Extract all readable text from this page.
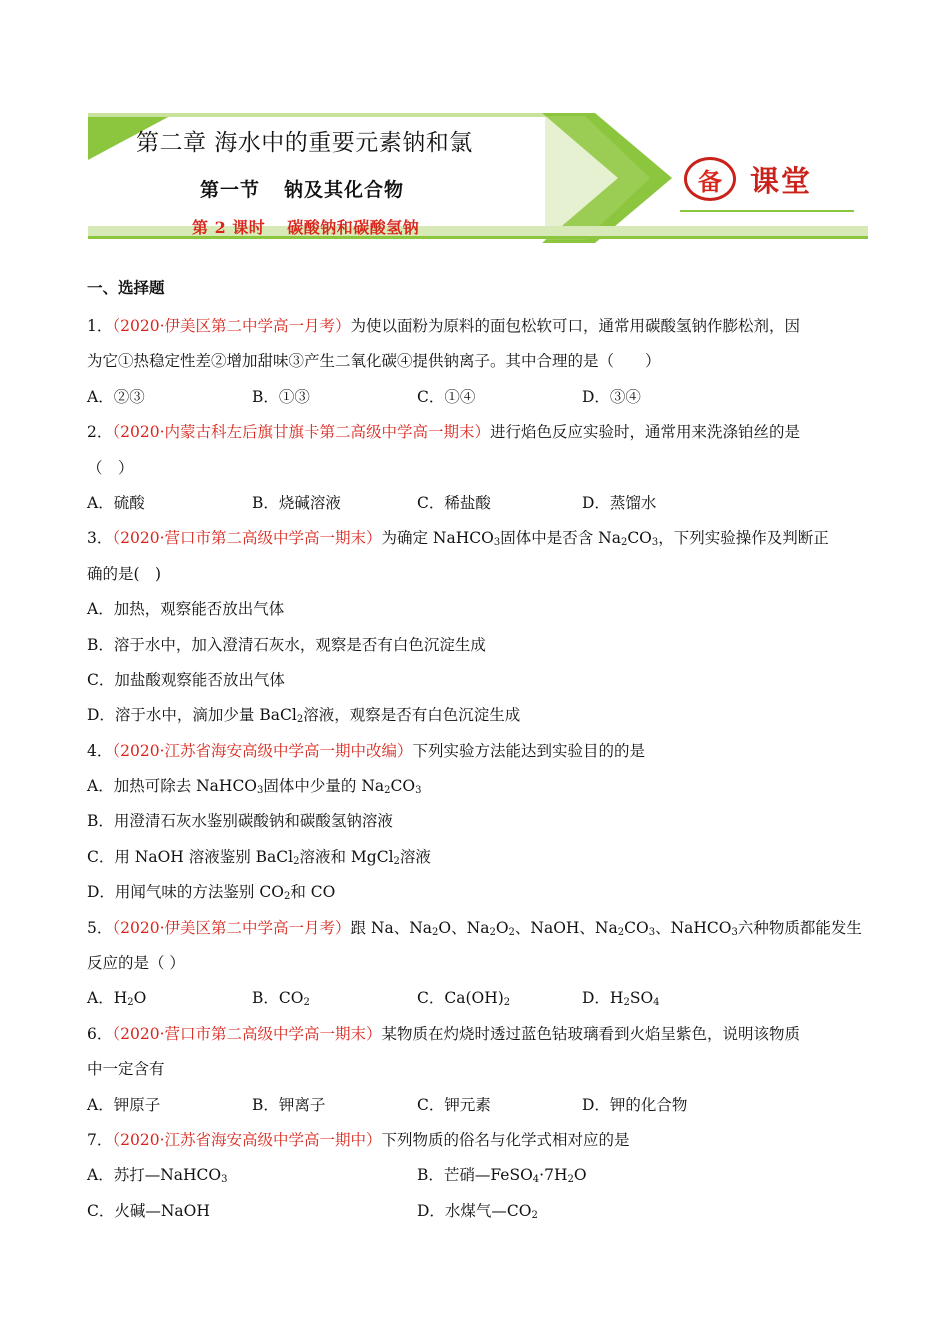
第二章 海水中的重要元素钠和氯
第一节 钠及其化合物
第 2 课时 碳酸钠和碳酸氢钠
备 课堂
一、选择题
1．（2020·伊美区第二中学高一月考）为使以面粉为原料的面包松软可口，通常用碳酸氢钠作膨松剂，因
为它①热稳定性差②增加甜味③产生二氧化碳④提供钠离子。其中合理的是（　　）
A．②③	B．①③	C．①④	D．③④
2．（2020·内蒙古科左后旗甘旗卡第二高级中学高一期末）进行焰色反应实验时，通常用来洗涤铂丝的是
（　）
A．硫酸	B．烧碱溶液	C．稀盐酸	D．蒸馏水
3．（2020·营口市第二高级中学高一期末）为确定 NaHCO$_3$固体中是否含 $Na_2CO_3$，下列实验操作及判断正
确的是(　)
A．加热，观察能否放出气体
B．溶于水中，加入澄清石灰水，观察是否有白色沉淀生成
C．加盐酸观察能否放出气体
D．溶于水中，滴加少量 BaCl$_2$溶液，观察是否有白色沉淀生成
4．（2020·江苏省海安高级中学高一期中改编）下列实验方法能达到实验目的的是
A．加热可除去 NaHCO$_3$固体中少量的 $Na_2CO_3$
B．用澄清石灰水鉴别碳酸钠和碳酸氢钠溶液
C．用 NaOH 溶液鉴别 BaCl$_2$溶液和 MgCl$_2$溶液
D．用闻气味的方法鉴别 $CO_2$和 CO
5．（2020·伊美区第二中学高一月考）跟 Na、$Na_2O$、$Na_2O_2$、NaOH、$Na_2CO_3$、NaHCO$_3$六种物质都能发生
反应的是（ ）
A．$H_2O$	B．$CO_2$	C．$Ca(OH)_2$	D．$H_2SO_4$
6．（2020·营口市第二高级中学高一期末）某物质在灼烧时透过蓝色钴玻璃看到火焰呈紫色，说明该物质
中一定含有
A．钾原子	B．钾离子	C．钾元素	D．钾的化合物
7．（2020·江苏省海安高级中学高一期中）下列物质的俗名与化学式相对应的是
A．苏打—NaHCO$_3$	B．芒硝$—FeSO_4\cdot 7H_2O$
C．火碱—NaOH	D．水煤气$—CO_2$
